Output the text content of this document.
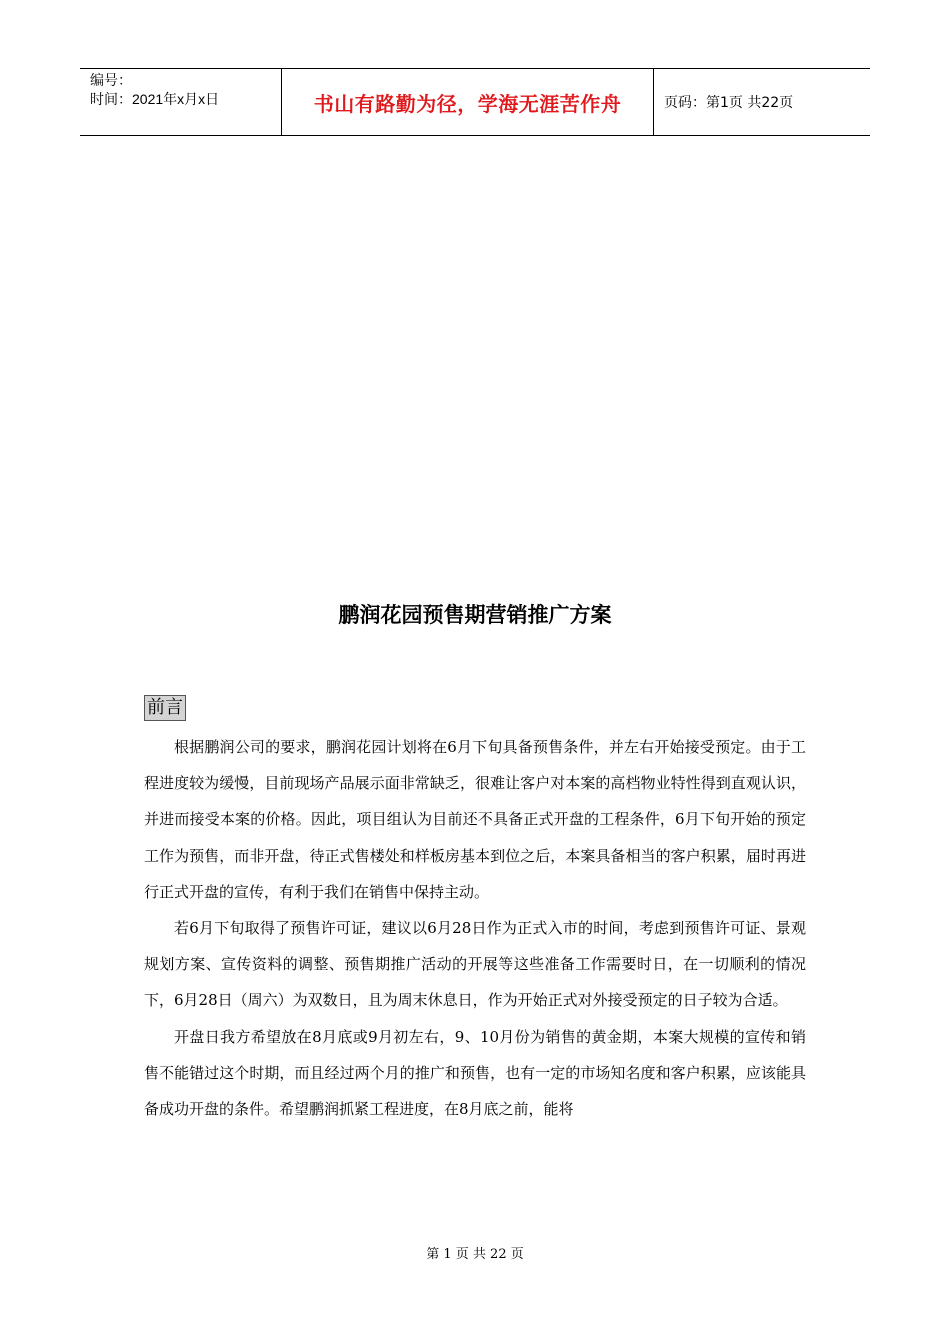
编号：
时间：2021年x月x日	书山有路勤为径，学海无涯苦作舟	页码：第1页 共22页
鹏润花园预售期营销推广方案
前言

根据鹏润公司的要求，鹏润花园计划将在6月下旬具备预售条件，并左右开始接受预定。由于工程进度较为缓慢，目前现场产品展示面非常缺乏，很难让客户对本案的高档物业特性得到直观认识，并进而接受本案的价格。因此，项目组认为目前还不具备正式开盘的工程条件，6月下旬开始的预定工作为预售，而非开盘，待正式售楼处和样板房基本到位之后，本案具备相当的客户积累，届时再进行正式开盘的宣传，有利于我们在销售中保持主动。

若6月下旬取得了预售许可证，建议以6月28日作为正式入市的时间，考虑到预售许可证、景观规划方案、宣传资料的调整、预售期推广活动的开展等这些准备工作需要时日，在一切顺利的情况下，6月28日（周六）为双数日，且为周末休息日，作为开始正式对外接受预定的日子较为合适。

开盘日我方希望放在8月底或9月初左右，9、10月份为销售的黄金期，本案大规模的宣传和销售不能错过这个时期，而且经过两个月的推广和预售，也有一定的市场知名度和客户积累，应该能具备成功开盘的条件。希望鹏润抓紧工程进度，在8月底之前，能将

第 1 页 共 22 页
